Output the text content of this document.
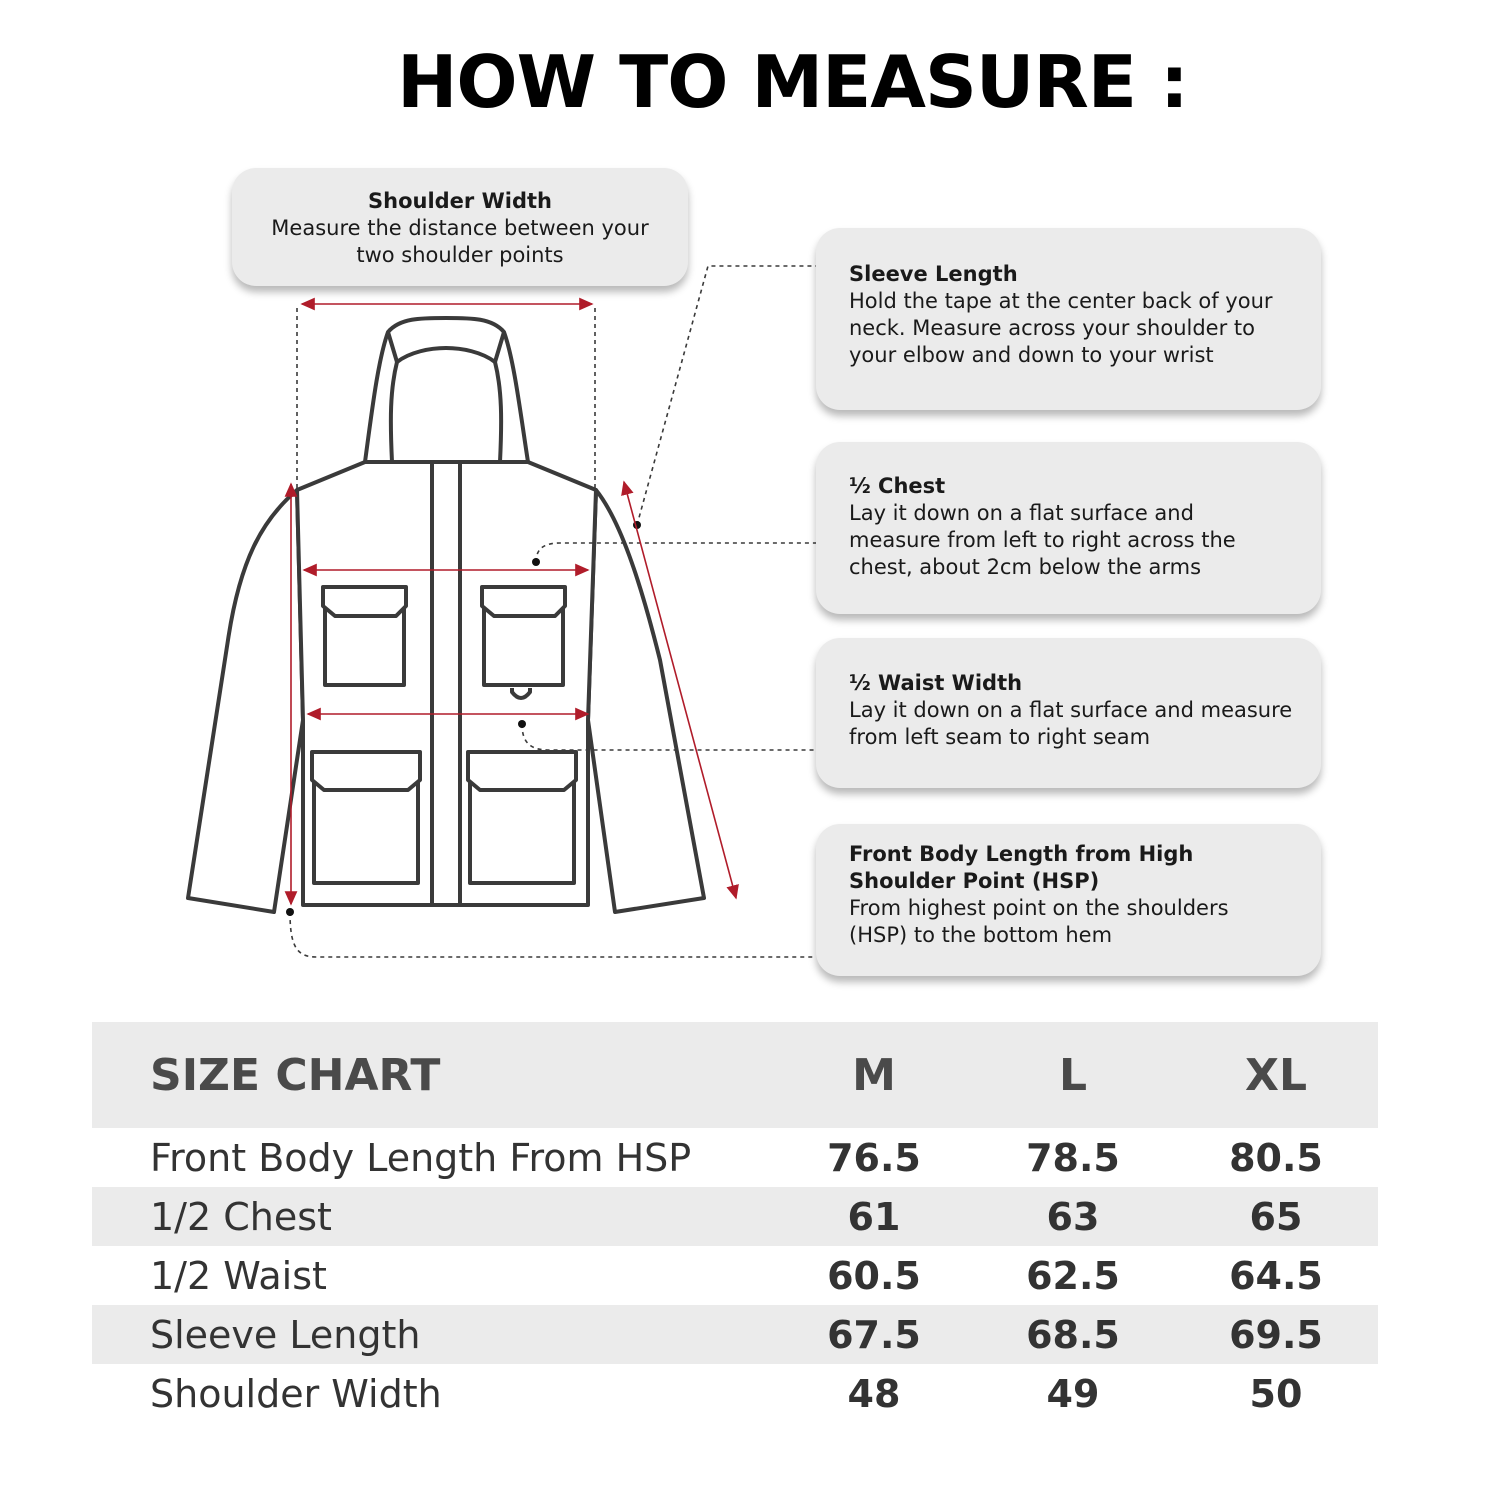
HOW TO MEASURE :
Shoulder Width
Measure the distance between your two shoulder points
Sleeve Length
Hold the tape at the center back of your neck. Measure across your shoulder to your elbow and down to your wrist
½ Chest
Lay it down on a flat surface and measure from left to right across the chest, about 2cm below the arms
½ Waist Width
Lay it down on a flat surface and measure from left seam to right seam
Front Body Length from High Shoulder Point (HSP)
From highest point on the shoulders (HSP) to the bottom hem
SIZE CHART	M	L	XL
Front Body Length From HSP	76.5	78.5	80.5
1/2 Chest	61	63	65
1/2 Waist	60.5	62.5	64.5
Sleeve Length	67.5	68.5	69.5
Shoulder Width	48	49	50
